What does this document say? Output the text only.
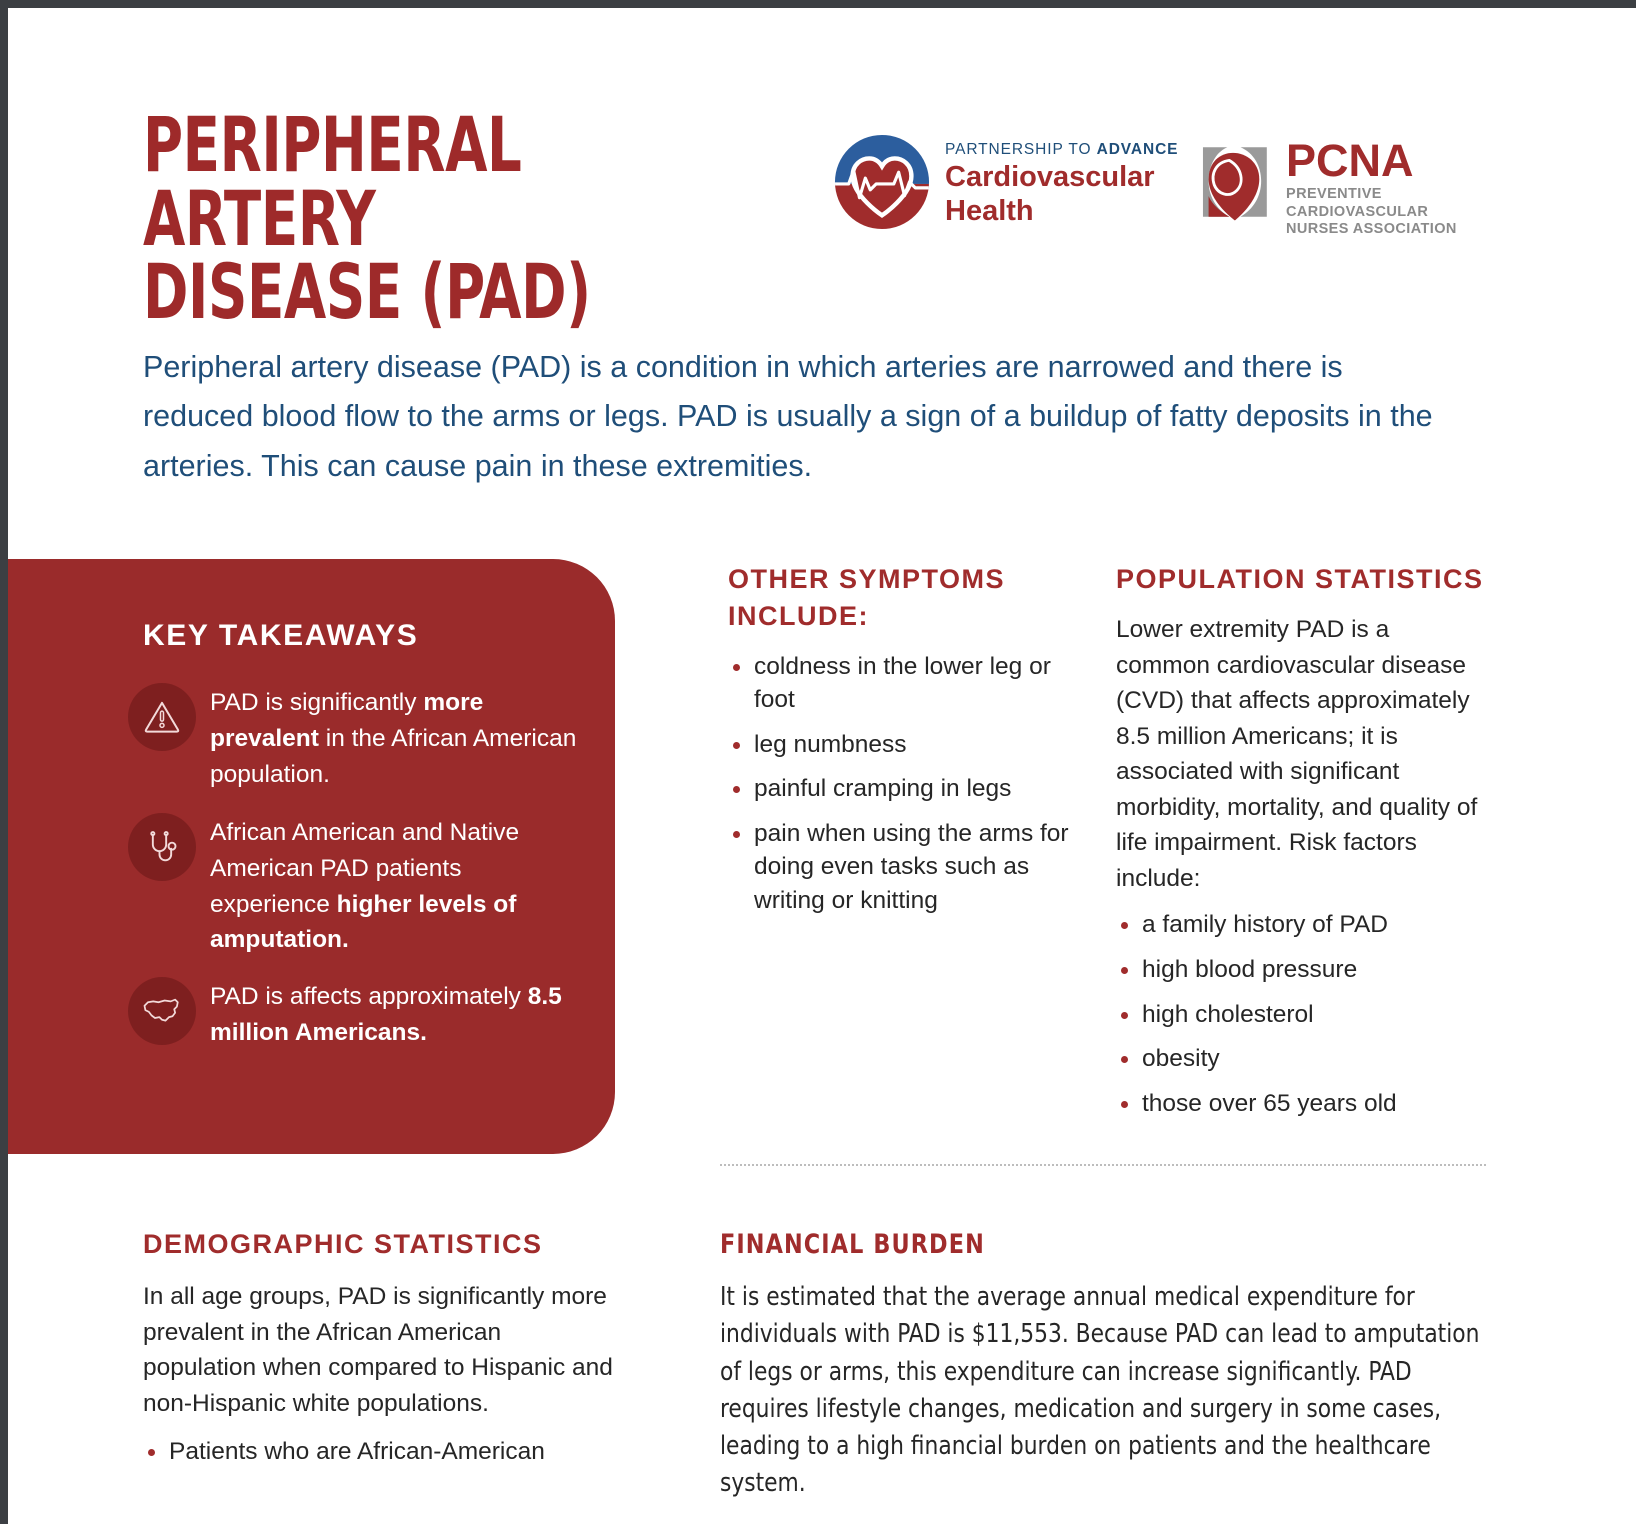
PERIPHERAL ARTERY DISEASE (PAD)
PARTNERSHIP TO ADVANCE
Cardiovascular
Health
PCNA
PREVENTIVE CARDIOVASCULAR
NURSES ASSOCIATION
Peripheral artery disease (PAD) is a condition in which arteries are narrowed and there is reduced blood flow to the arms or legs. PAD is usually a sign of a buildup of fatty deposits in the arteries. This can cause pain in these extremities.
KEY TAKEAWAYS
PAD is significantly more prevalent in the African American population.
African American and Native American PAD patients experience higher levels of amputation.
PAD is affects approximately 8.5 million Americans.
OTHER SYMPTOMS INCLUDE:
coldness in the lower leg or foot
leg numbness
painful cramping in legs
pain when using the arms for doing even tasks such as writing or knitting
POPULATION STATISTICS
Lower extremity PAD is a common cardiovascular disease (CVD) that affects approximately 8.5 million Americans; it is associated with significant morbidity, mortality, and quality of life impairment. Risk factors include:
a family history of PAD
high blood pressure
high cholesterol
obesity
those over 65 years old
DEMOGRAPHIC STATISTICS
In all age groups, PAD is significantly more prevalent in the African American population when compared to Hispanic and non-Hispanic white populations.
Patients who are African-American
FINANCIAL BURDEN
It is estimated that the average annual medical expenditure for individuals with PAD is $11,553. Because PAD can lead to amputation of legs or arms, this expenditure can increase significantly. PAD requires lifestyle changes, medication and surgery in some cases, leading to a high financial burden on patients and the healthcare system.
